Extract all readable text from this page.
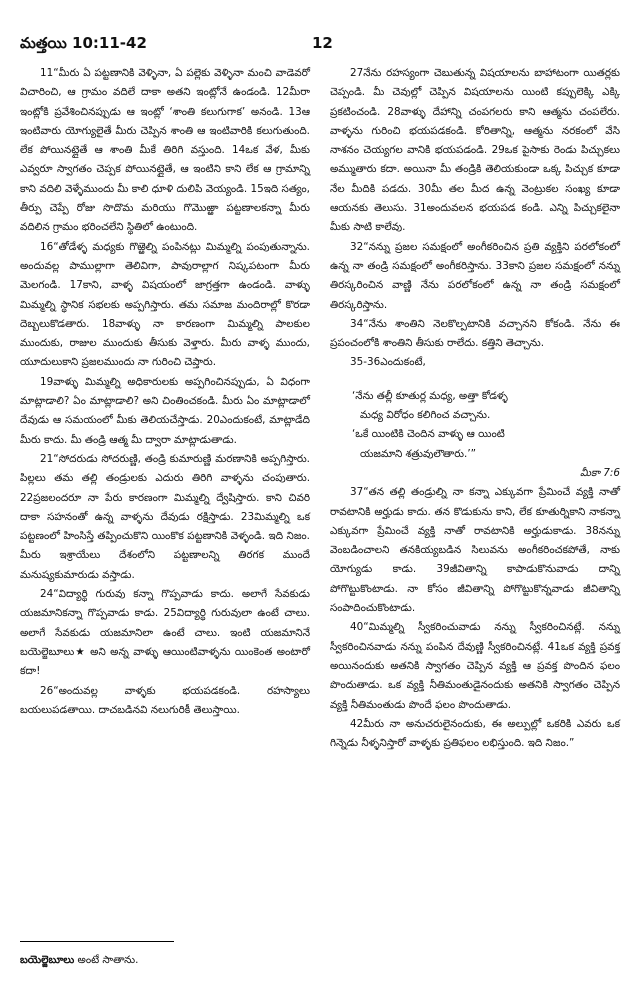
మత్తయి 10:11-42	12

11“మీరు ఏ పట్టణానికి వెళ్ళినా, ఏ పల్లెకు వెళ్ళినా మంచి వాడెవరో విచారించి, ఆ గ్రామం వదిలే దాకా అతని ఇంట్లోనే ఉండండి. 12మీరా ఇంట్లోకి ప్రవేశించినప్పుడు ఆ ఇంట్లో ‘శాంతి కలుగుగాక’ అనండి. 13ఆ ఇంటివారు యోగ్యులైతే మీరు చెప్పిన శాంతి ఆ ఇంటివారికి కలుగుతుంది. లేక పోయినట్లైతే ఆ శాంతి మీకే తిరిగి వస్తుంది. 14ఒక వేళ, మీకు ఎవ్వరూ స్వాగతం చెప్పక పోయినట్లైతే, ఆ ఇంటిని కాని లేక ఆ గ్రామాన్ని కాని వదిలి వెళ్ళేముందు మీ కాలి ధూళి దులిపి వెయ్యండి. 15ఇది సత్యం, తీర్పు చెప్పే రోజు సొదొమ మరియు గొమొఱ్ఱా పట్టణాలకన్నా మీరు వదిలిన గ్రామం భరించలేని స్థితిలో ఉంటుంది.

16“తోడేళ్ళ మధ్యకు గొఱ్ఱెల్ని పంపినట్లు మిమ్మల్ని పంపుతున్నాను. అందువల్ల పాముల్లాగా తెలివిగా, పావురాల్లాగ నిష్కపటంగా మీరు మెలగండి. 17కాని, వాళ్ళ విషయంలో జాగ్రత్తగా ఉండండి. వాళ్ళు మిమ్మల్ని స్థానిక సభలకు అప్పగిస్తారు. తమ సమాజ మందిరాల్లో కొరడా దెబ్బలుకొడతారు. 18వాళ్ళు నా కారణంగా మిమ్మల్ని పాలకుల ముందుకు, రాజుల ముందుకు తీసుకు వెళ్తారు. మీరు వాళ్ళ ముందు, యూదులుకాని ప్రజలముందు నా గురించి చెప్తారు.

19వాళ్ళు మిమ్మల్ని అధికారులకు అప్పగించినప్పుడు, ఏ విధంగా మాట్లాడాలి? ఏం మాట్లాడాలి? అని చింతించకండి. మీరు ఏం మాట్లాడాలో దేవుడు ఆ సమయంలో మీకు తెలియచేస్తాడు. 20ఎందుకంటే, మాట్లాడేది మీరు కాదు. మీ తండ్రి ఆత్మ మీ ద్వారా మాట్లాడుతాడు.

21“సోదరుడు సోదరుణ్ణి, తండ్రి కుమారుణ్ణి మరణానికి అప్పగిస్తారు. పిల్లలు తమ తల్లి తండ్రులకు ఎదురు తిరిగి వాళ్ళను చంపుతారు. 22ప్రజలందరూ నా పేరు కారణంగా మిమ్మల్ని ద్వేషిస్తారు. కాని చివరి దాకా సహనంతో ఉన్న వాళ్ళను దేవుడు రక్షిస్తాడు. 23మిమ్మల్ని ఒక పట్టణంలో హింసిస్తే తప్పించుకొని యింకొక పట్టణానికి వెళ్ళండి. ఇది నిజం. మీరు ఇశ్రాయేలు దేశంలోని పట్టణాలన్ని తిరగక ముందే మనుష్యకుమారుడు వస్తాడు.

24“విద్యార్థి గురువు కన్నా గొప్పవాడు కాదు. అలాగే సేవకుడు యజమానికన్నా గొప్పవాడు కాడు. 25విద్యార్థి గురువులా ఉంటే చాలు. అలాగే సేవకుడు యజమానిలా ఉంటే చాలు. ఇంటి యజమానినే బయెల్జెబూలు★ అని అన్న వాళ్ళు ఆయింటివాళ్ళను యింకెంత అంటారో కదా!

26“అందువల్ల వాళ్ళకు భయపడకండి. రహస్యాలు బయలుపడతాయి. దాచబడినవి నలుగురికీ తెలుస్తాయి.

27నేను రహస్యంగా చెబుతున్న విషయాలను బాహాటంగా యితర్లకు చెప్పండి. మీ చెవుల్లో చెప్పిన విషయాలను యింటి కప్పులెక్కి ఎక్కి ప్రకటించండి. 28వాళ్ళు దేహాన్ని చంపగలరు కాని ఆత్మను చంపలేరు. వాళ్ళను గురించి భయపడకండి. కోరితాన్ని, ఆత్మను నరకంలో వేసి నాశనం చెయ్యగల వానికి భయపడండి. 29ఒక పైసాకు రెండు పిచ్చుకలు అమ్ముతారు కదా. అయినా మీ తండ్రికి తెలియకుండా ఒక్క పిచ్చుక కూడా నేల మీదికి పడదు. 30మీ తల మీద ఉన్న వెంట్రుకల సంఖ్య కూడా ఆయనకు తెలుసు. 31అందువలన భయపడ కండి. ఎన్ని పిచ్చుకలైనా మీకు సాటి కాలేవు.

32“నన్ను ప్రజల సమక్షంలో అంగీకరించిన ప్రతి వ్యక్తిని పరలోకంలో ఉన్న నా తండ్రి సమక్షంలో అంగీకరిస్తాను. 33కాని ప్రజల సమక్షంలో నన్ను తిరస్కరించిన వాణ్ణి నేను పరలోకంలో ఉన్న నా తండ్రి సమక్షంలో తిరస్కరిస్తాను.

34“నేను శాంతిని నెలకొల్పటానికి వచ్చానని కోకండి. నేను ఈ ప్రపంచంలోకి శాంతిని తీసుకు రాలేదు. కత్తిని తెచ్చాను.

35-36ఎందుకంటే,

‘నేను తల్లీ కూతుర్ల మధ్య, అత్తా కోడళ్ళ
మధ్య విరోధం కలిగించ వచ్చాను.
‘ఒకే యింటికి చెందిన వాళ్ళు ఆ యింటి
యజమాని శత్రువులౌతారు.’”

మీకా 7:6

37“తన తల్లి తండ్రుల్ని నా కన్నా ఎక్కువగా ప్రేమించే వ్యక్తి నాతో రావటానికి అర్హుడు కాదు. తన కొడుకును కాని, లేక కూతుర్నికాని నాకన్నా ఎక్కువగా ప్రేమించే వ్యక్తి నాతో రావటానికి అర్హుడుకాడు. 38నన్ను వెంబడించాలని తనకియ్యబడిన సిలువను అంగీకరించకపోతే, నాకు యోగ్యుడు కాడు. 39జీవితాన్ని కాపాడుకొనువాడు దాన్ని పోగొట్టుకొంటాడు. నా కోసం జీవితాన్ని పోగొట్టుకొన్నవాడు జీవితాన్ని సంపాదించుకొంటాడు.

40“మిమ్మల్ని స్వీకరించువాడు నన్ను స్వీకరించినట్లే. నన్ను స్వీకరించినవాడు నన్ను పంపిన దేవుణ్ణి స్వీకరించినట్లే. 41ఒక వ్యక్తి ప్రవక్త అయినందుకు అతనికి స్వాగతం చెప్పిన వ్యక్తి ఆ ప్రవక్త పొందిన ఫలం పొందుతాడు. ఒక వ్యక్తి నీతిమంతుడైనందుకు అతనికి స్వాగతం చెప్పిన వ్యక్తి నీతిమంతుడు పొందే ఫలం పొందుతాడు.

42మీరు నా అనుచరులైనందుకు, ఈ అల్పుల్లో ఒకరికి ఎవరు ఒక గిన్నెడు నీళ్ళనిస్తారో వాళ్ళకు ప్రతిఫలం లభిస్తుంది. ఇది నిజం.”

బయెల్జెబూలు అంటే సాతాను.
